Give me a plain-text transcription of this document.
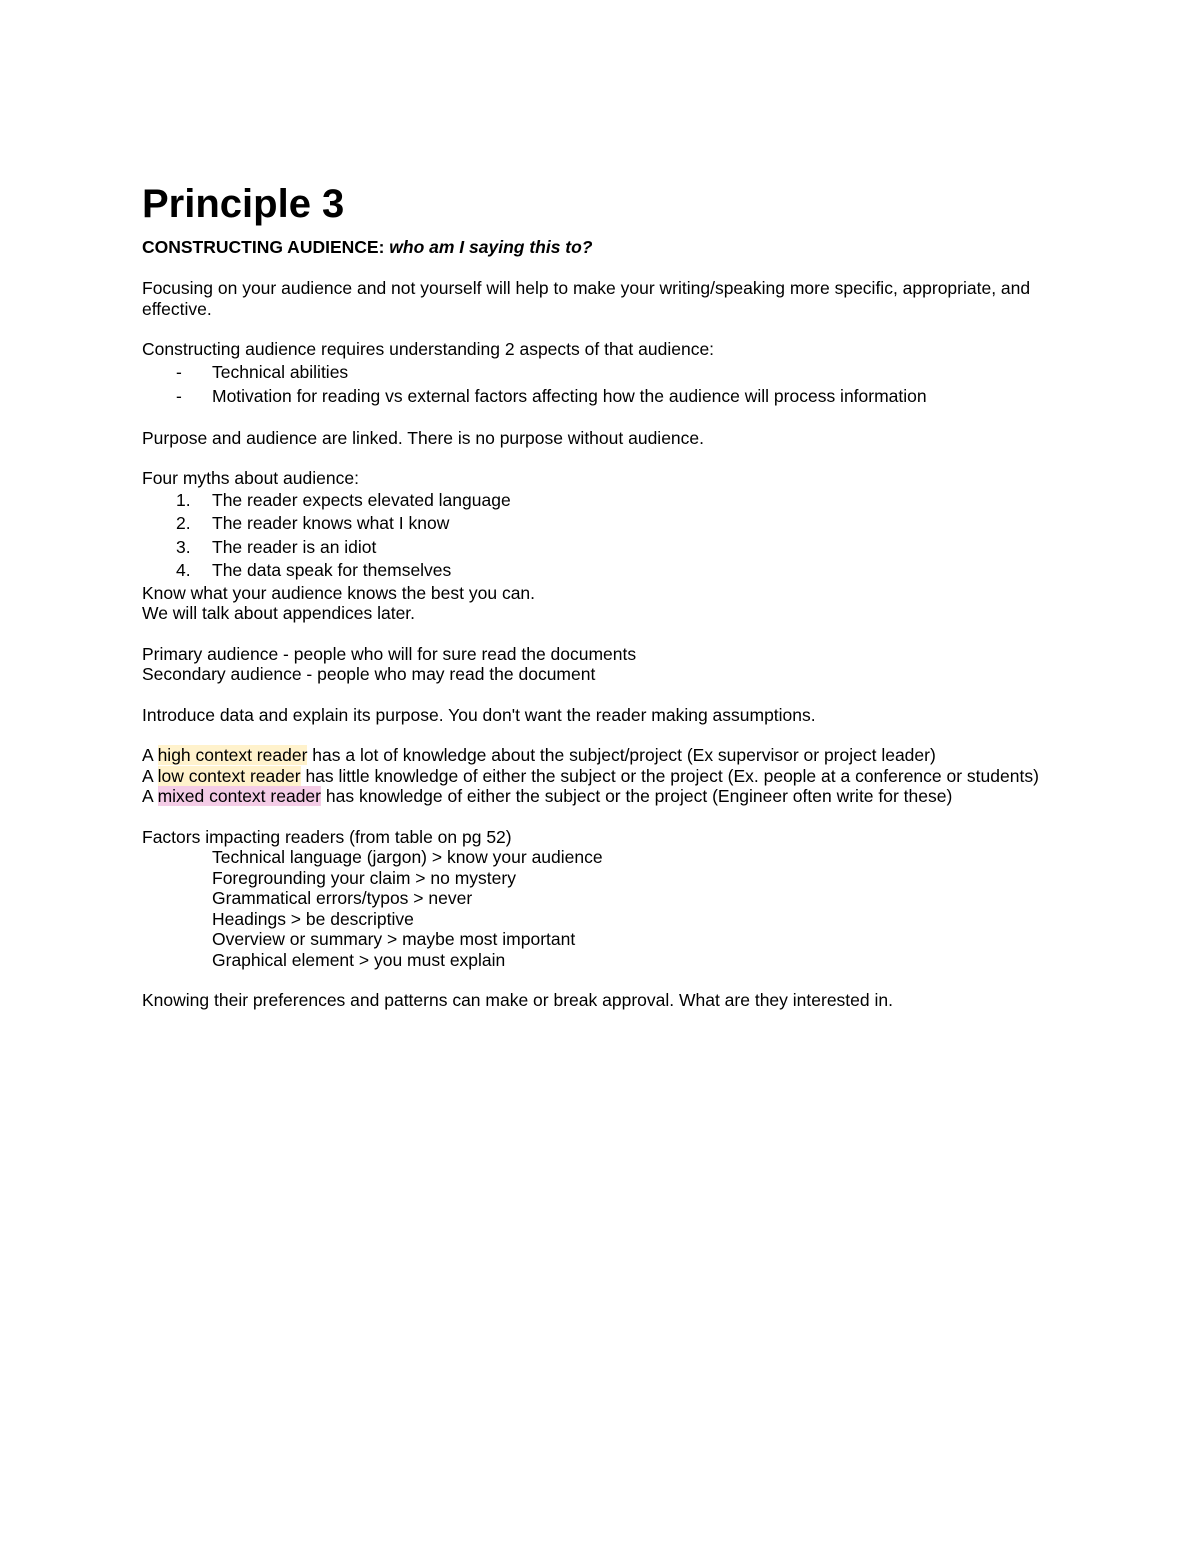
Principle 3

CONSTRUCTING AUDIENCE: who am I saying this to?

Focusing on your audience and not yourself will help to make your writing/speaking more specific, appropriate, and effective.

Constructing audience requires understanding 2 aspects of that audience:

- Technical abilities
- Motivation for reading vs external factors affecting how the audience will process information

Purpose and audience are linked. There is no purpose without audience.

Four myths about audience:

1. The reader expects elevated language
2. The reader knows what I know
3. The reader is an idiot
4. The data speak for themselves

Know what your audience knows the best you can.

We will talk about appendices later.

Primary audience - people who will for sure read the documents

Secondary audience - people who may read the document

Introduce data and explain its purpose. You don't want the reader making assumptions.

A high context reader has a lot of knowledge about the subject/project (Ex supervisor or project leader)

A low context reader has little knowledge of either the subject or the project (Ex. people at a conference or students)

A mixed context reader has knowledge of either the subject or the project (Engineer often write for these)

Factors impacting readers (from table on pg 52)

Technical language (jargon) > know your audience

Foregrounding your claim > no mystery

Grammatical errors/typos > never

Headings > be descriptive

Overview or summary > maybe most important

Graphical element > you must explain

Knowing their preferences and patterns can make or break approval. What are they interested in.
